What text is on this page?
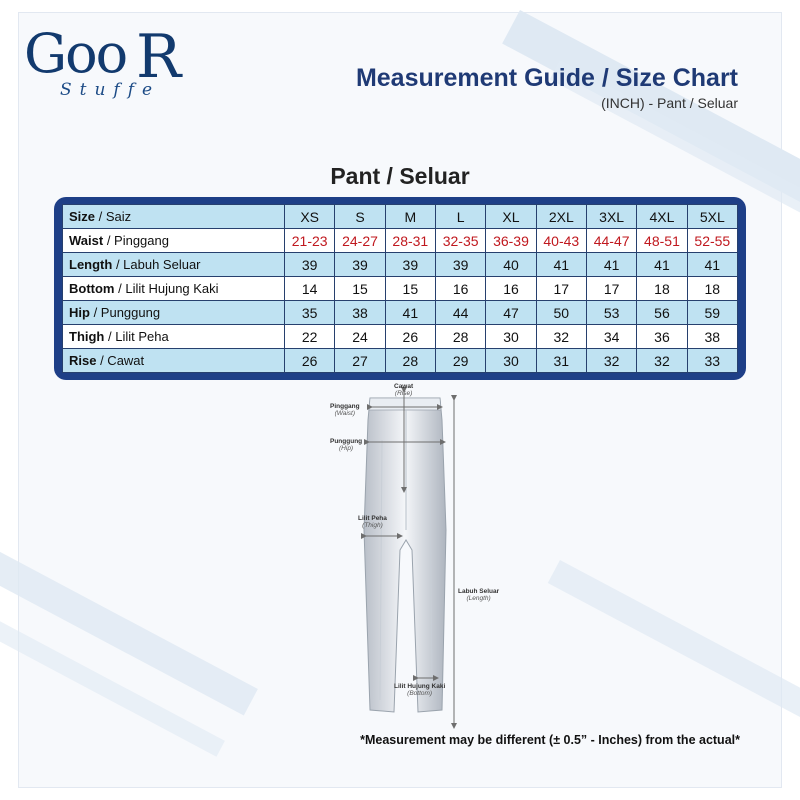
Goo R
Stuffe	Measurement Guide / Size Chart
(INCH) - Pant / Seluar
Pant / Seluar
Size / Saiz	XS	S	M	L	XL	2XL	3XL	4XL	5XL
Waist / Pinggang	21-23	24-27	28-31	32-35	36-39	40-43	44-47	48-51	52-55
Length / Labuh Seluar	39	39	39	39	40	41	41	41	41
Bottom / Lilit Hujung Kaki	14	15	15	16	16	17	17	18	18
Hip / Punggung	35	38	41	44	47	50	53	56	59
Thigh / Lilit Peha	22	24	26	28	30	32	34	36	38
Rise / Cawat	26	27	28	29	30	31	32	32	33
Cawat
(Rise)
Pinggang
(Waist)
Punggung
(Hip)
Lilit Peha
(Thigh)
Labuh Seluar
(Length)
Lilit Hujung Kaki
(Bottom)
*Measurement may be different (± 0.5” - Inches) from the actual*
